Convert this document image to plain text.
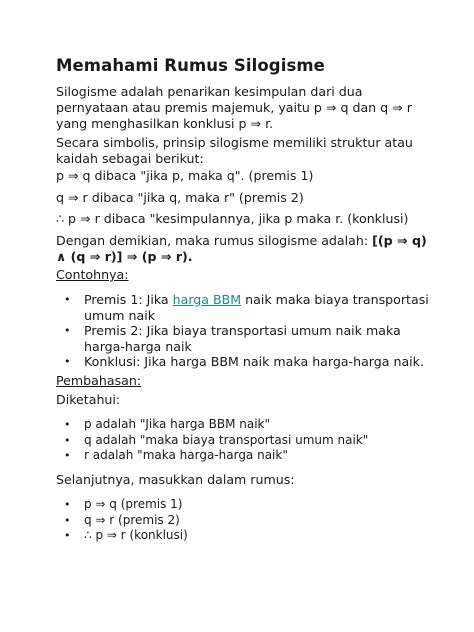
Memahami Rumus Silogisme

Silogisme adalah penarikan kesimpulan dari dua pernyataan atau premis majemuk, yaitu p ⇒ q dan q ⇒ r yang menghasilkan konklusi p ⇒ r.

Secara simbolis, prinsip silogisme memiliki struktur atau kaidah sebagai berikut:

p ⇒ q dibaca "jika p, maka q". (premis 1)

q ⇒ r dibaca "jika q, maka r" (premis 2)

∴ p ⇒ r dibaca "kesimpulannya, jika p maka r. (konklusi)

Dengan demikian, maka rumus silogisme adalah: [(p ⇒ q) ∧ (q ⇒ r)] ⇒ (p ⇒ r).

Contohnya:

• Premis 1: Jika harga BBM naik maka biaya transportasi umum naik
• Premis 2: Jika biaya transportasi umum naik maka harga-harga naik
• Konklusi: Jika harga BBM naik maka harga-harga naik.

Pembahasan:

Diketahui:

• p adalah "Jika harga BBM naik"
• q adalah "maka biaya transportasi umum naik"
• r adalah "maka harga-harga naik"

Selanjutnya, masukkan dalam rumus:

• p ⇒ q (premis 1)
• q ⇒ r (premis 2)
• ∴ p ⇒ r (konklusi)
